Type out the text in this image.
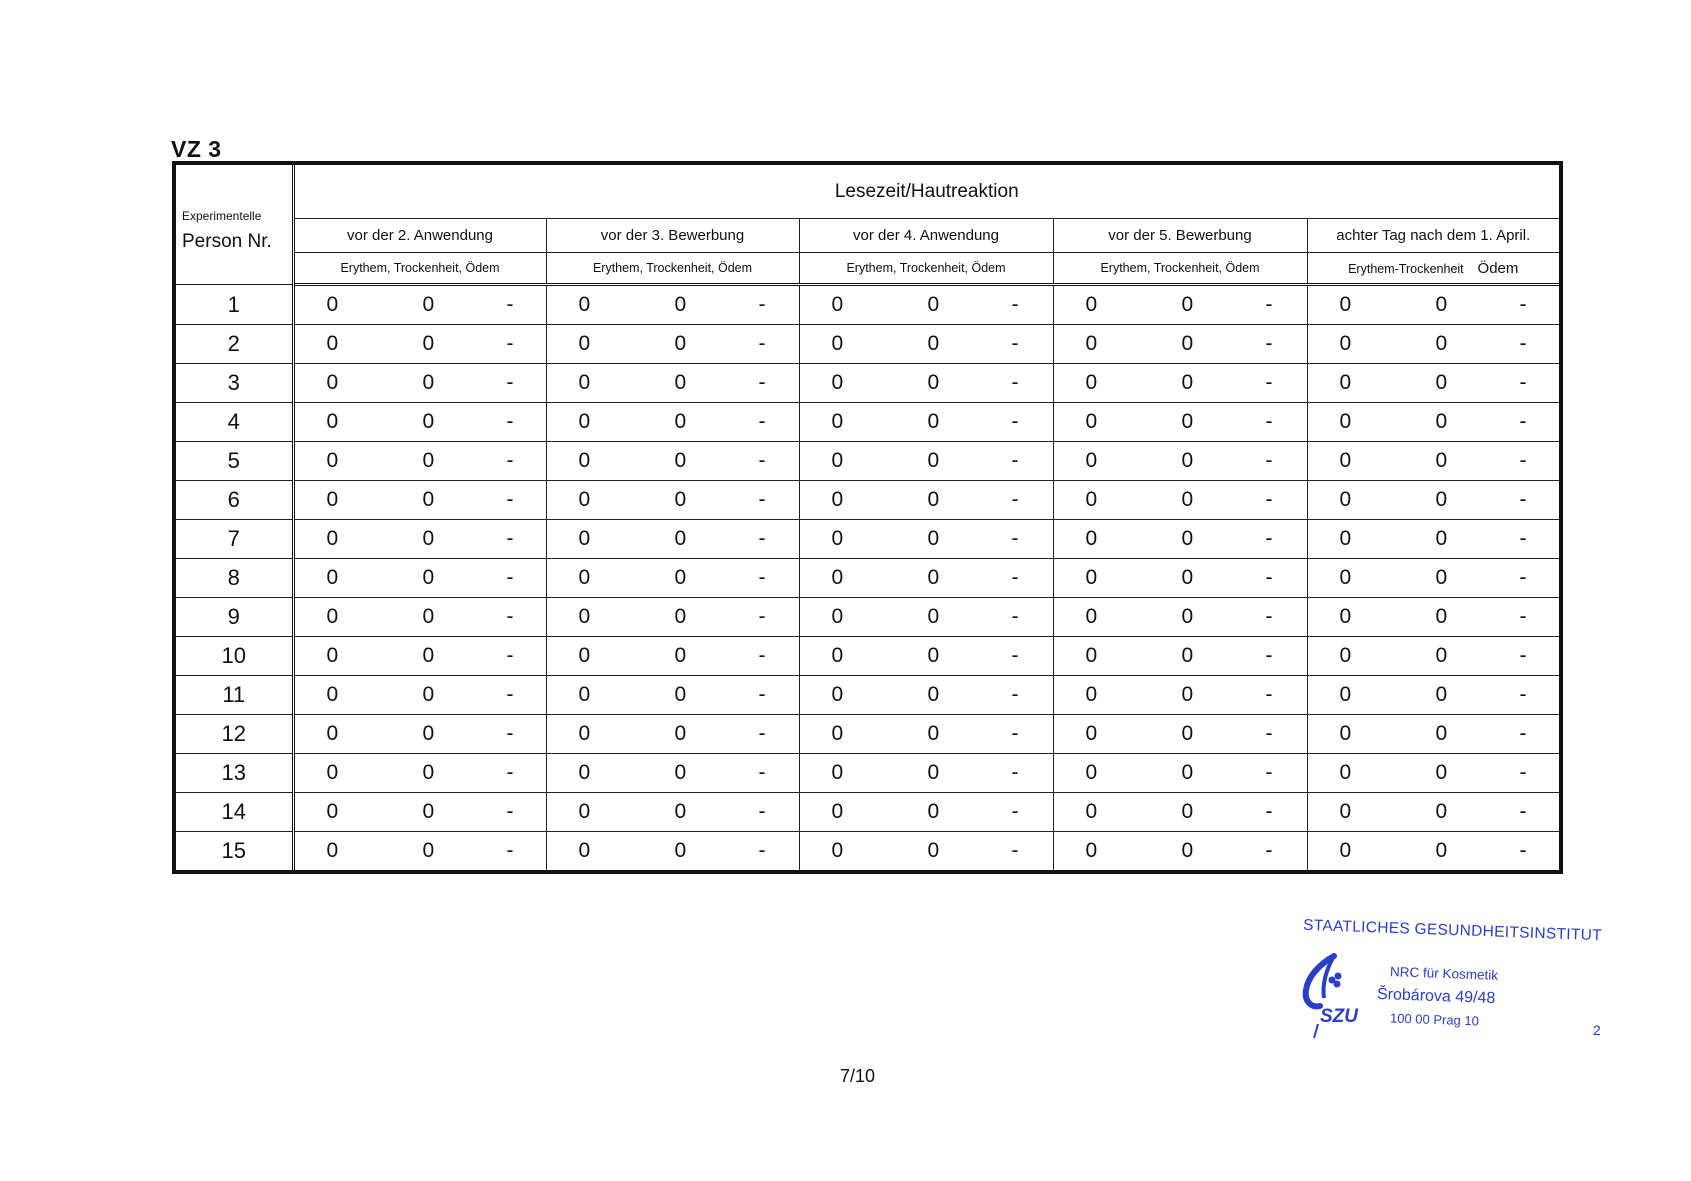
VZ 3
Experimentelle
Person Nr.	Lesezeit/Hautreaktion				
	vor der 2. Anwendung	vor der 3. Bewerbung	vor der 4. Anwendung	vor der 5. Bewerbung	achter Tag nach dem 1. April.
	Erythem, Trockenheit, Ödem	Erythem, Trockenheit, Ödem	Erythem, Trockenheit, Ödem	Erythem, Trockenheit, Ödem	Erythem-Trockenheit Ödem
1	0 0 -	0 0 -	0 0 -	0 0 -	0 0 -

2	0 0 -	0 0 -	0 0 -	0 0 -	0 0 -

3	0 0 -	0 0 -	0 0 -	0 0 -	0 0 -

4	0 0 -	0 0 -	0 0 -	0 0 -	0 0 -

5	0 0 -	0 0 -	0 0 -	0 0 -	0 0 -

6	0 0 -	0 0 -	0 0 -	0 0 -	0 0 -

7	0 0 -	0 0 -	0 0 -	0 0 -	0 0 -

8	0 0 -	0 0 -	0 0 -	0 0 -	0 0 -

9	0 0 -	0 0 -	0 0 -	0 0 -	0 0 -

10	0 0 -	0 0 -	0 0 -	0 0 -	0 0 -

11	0 0 -	0 0 -	0 0 -	0 0 -	0 0 -

12	0 0 -	0 0 -	0 0 -	0 0 -	0 0 -

13	0 0 -	0 0 -	0 0 -	0 0 -	0 0 -

14	0 0 -	0 0 -	0 0 -	0 0 -	0 0 -

15	0 0 -	0 0 -	0 0 -	0 0 -	0 0 -
STAATLICHES GESUNDHEITSINSTITUT
SZU
NRC für Kosmetik
Šrobárova 49/48
100 00 Prag 10
2
7/10
